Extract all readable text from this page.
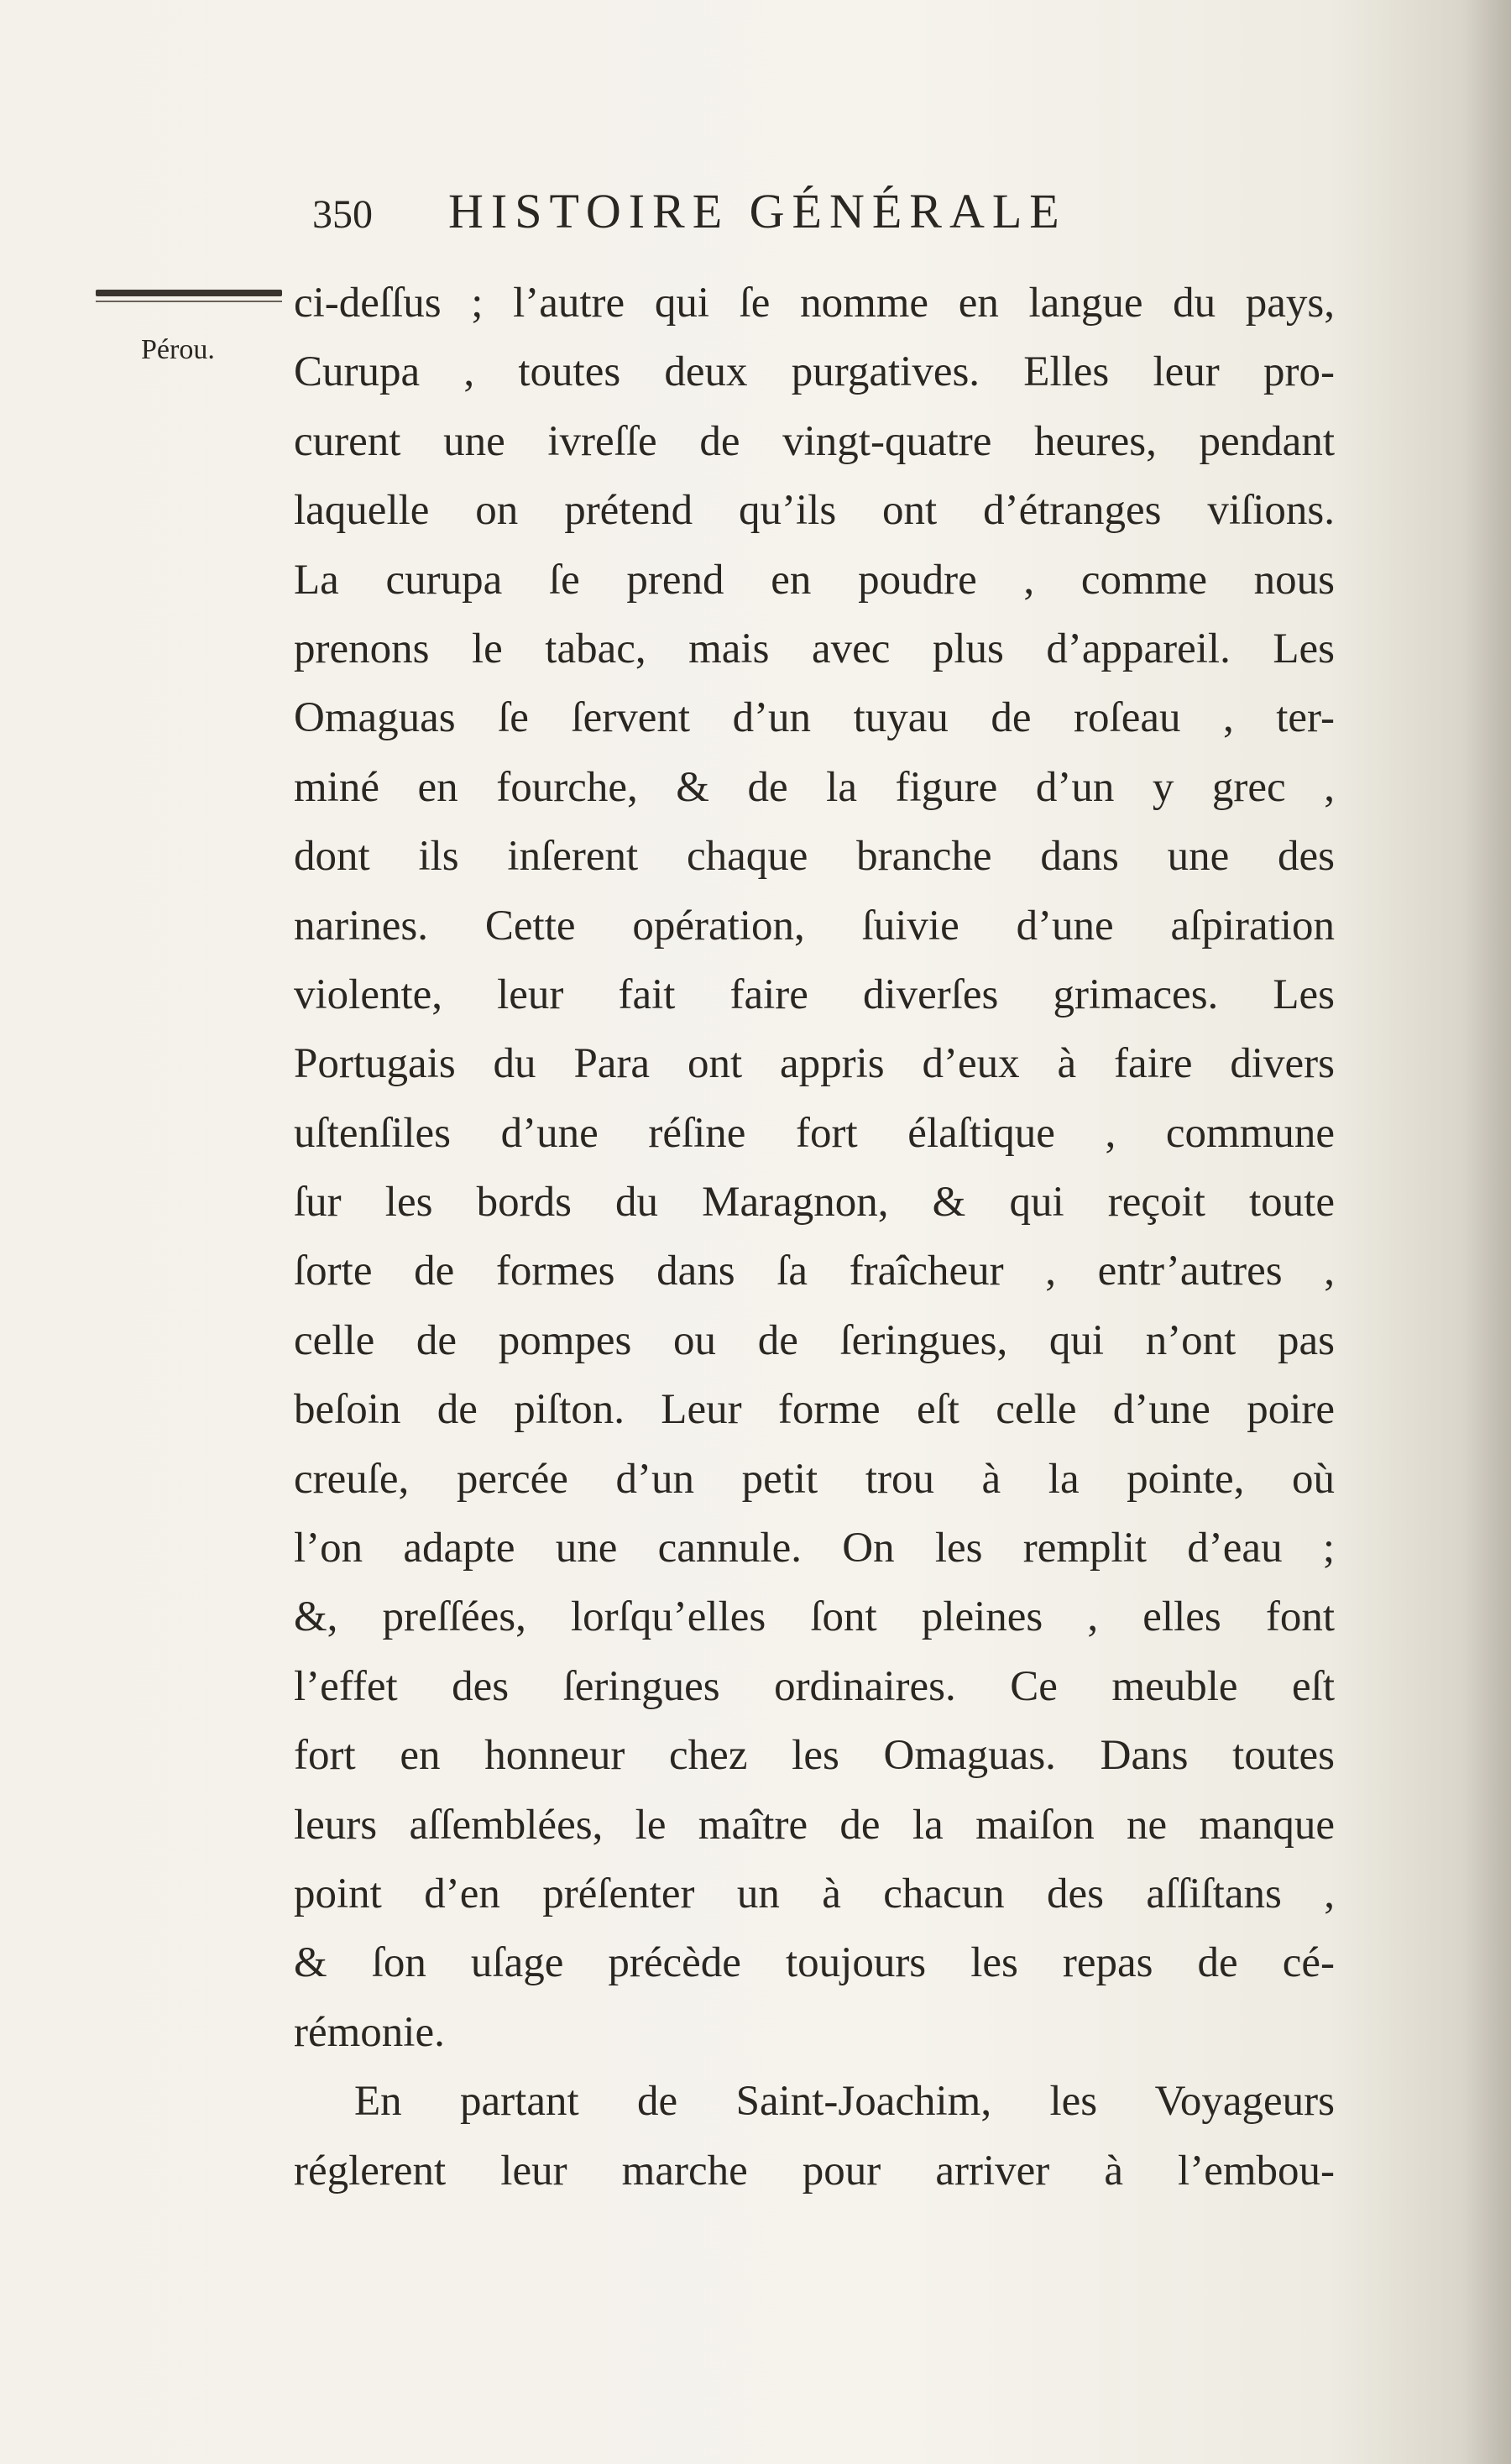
350 HISTOIRE GÉNÉRALE
Pérou.
ci-deſſus ; l’autre qui ſe nomme en langue du pays,
Curupa , toutes deux purgatives. Elles leur pro-
curent une ivreſſe de vingt-quatre heures, pendant
laquelle on prétend qu’ils ont d’étranges viſions.
La curupa ſe prend en poudre , comme nous
prenons le tabac, mais avec plus d’appareil. Les
Omaguas ſe ſervent d’un tuyau de roſeau , ter-
miné en fourche, & de la figure d’un y grec ,
dont ils inſerent chaque branche dans une des
narines. Cette opération, ſuivie d’une aſpiration
violente, leur fait faire diverſes grimaces. Les
Portugais du Para ont appris d’eux à faire divers
uſtenſiles d’une réſine fort élaſtique , commune
ſur les bords du Maragnon, & qui reçoit toute
ſorte de formes dans ſa fraîcheur , entr’autres ,
celle de pompes ou de ſeringues, qui n’ont pas
beſoin de piſton. Leur forme eſt celle d’une poire
creuſe, percée d’un petit trou à la pointe, où
l’on adapte une cannule. On les remplit d’eau ;
&, preſſées, lorſqu’elles ſont pleines , elles font
l’effet des ſeringues ordinaires. Ce meuble eſt
fort en honneur chez les Omaguas. Dans toutes
leurs aſſemblées, le maître de la maiſon ne manque
point d’en préſenter un à chacun des aſſiſtans ,
& ſon uſage précède toujours les repas de cé-
rémonie.
En partant de Saint-Joachim, les Voyageurs
réglerent leur marche pour arriver à l’embou-
